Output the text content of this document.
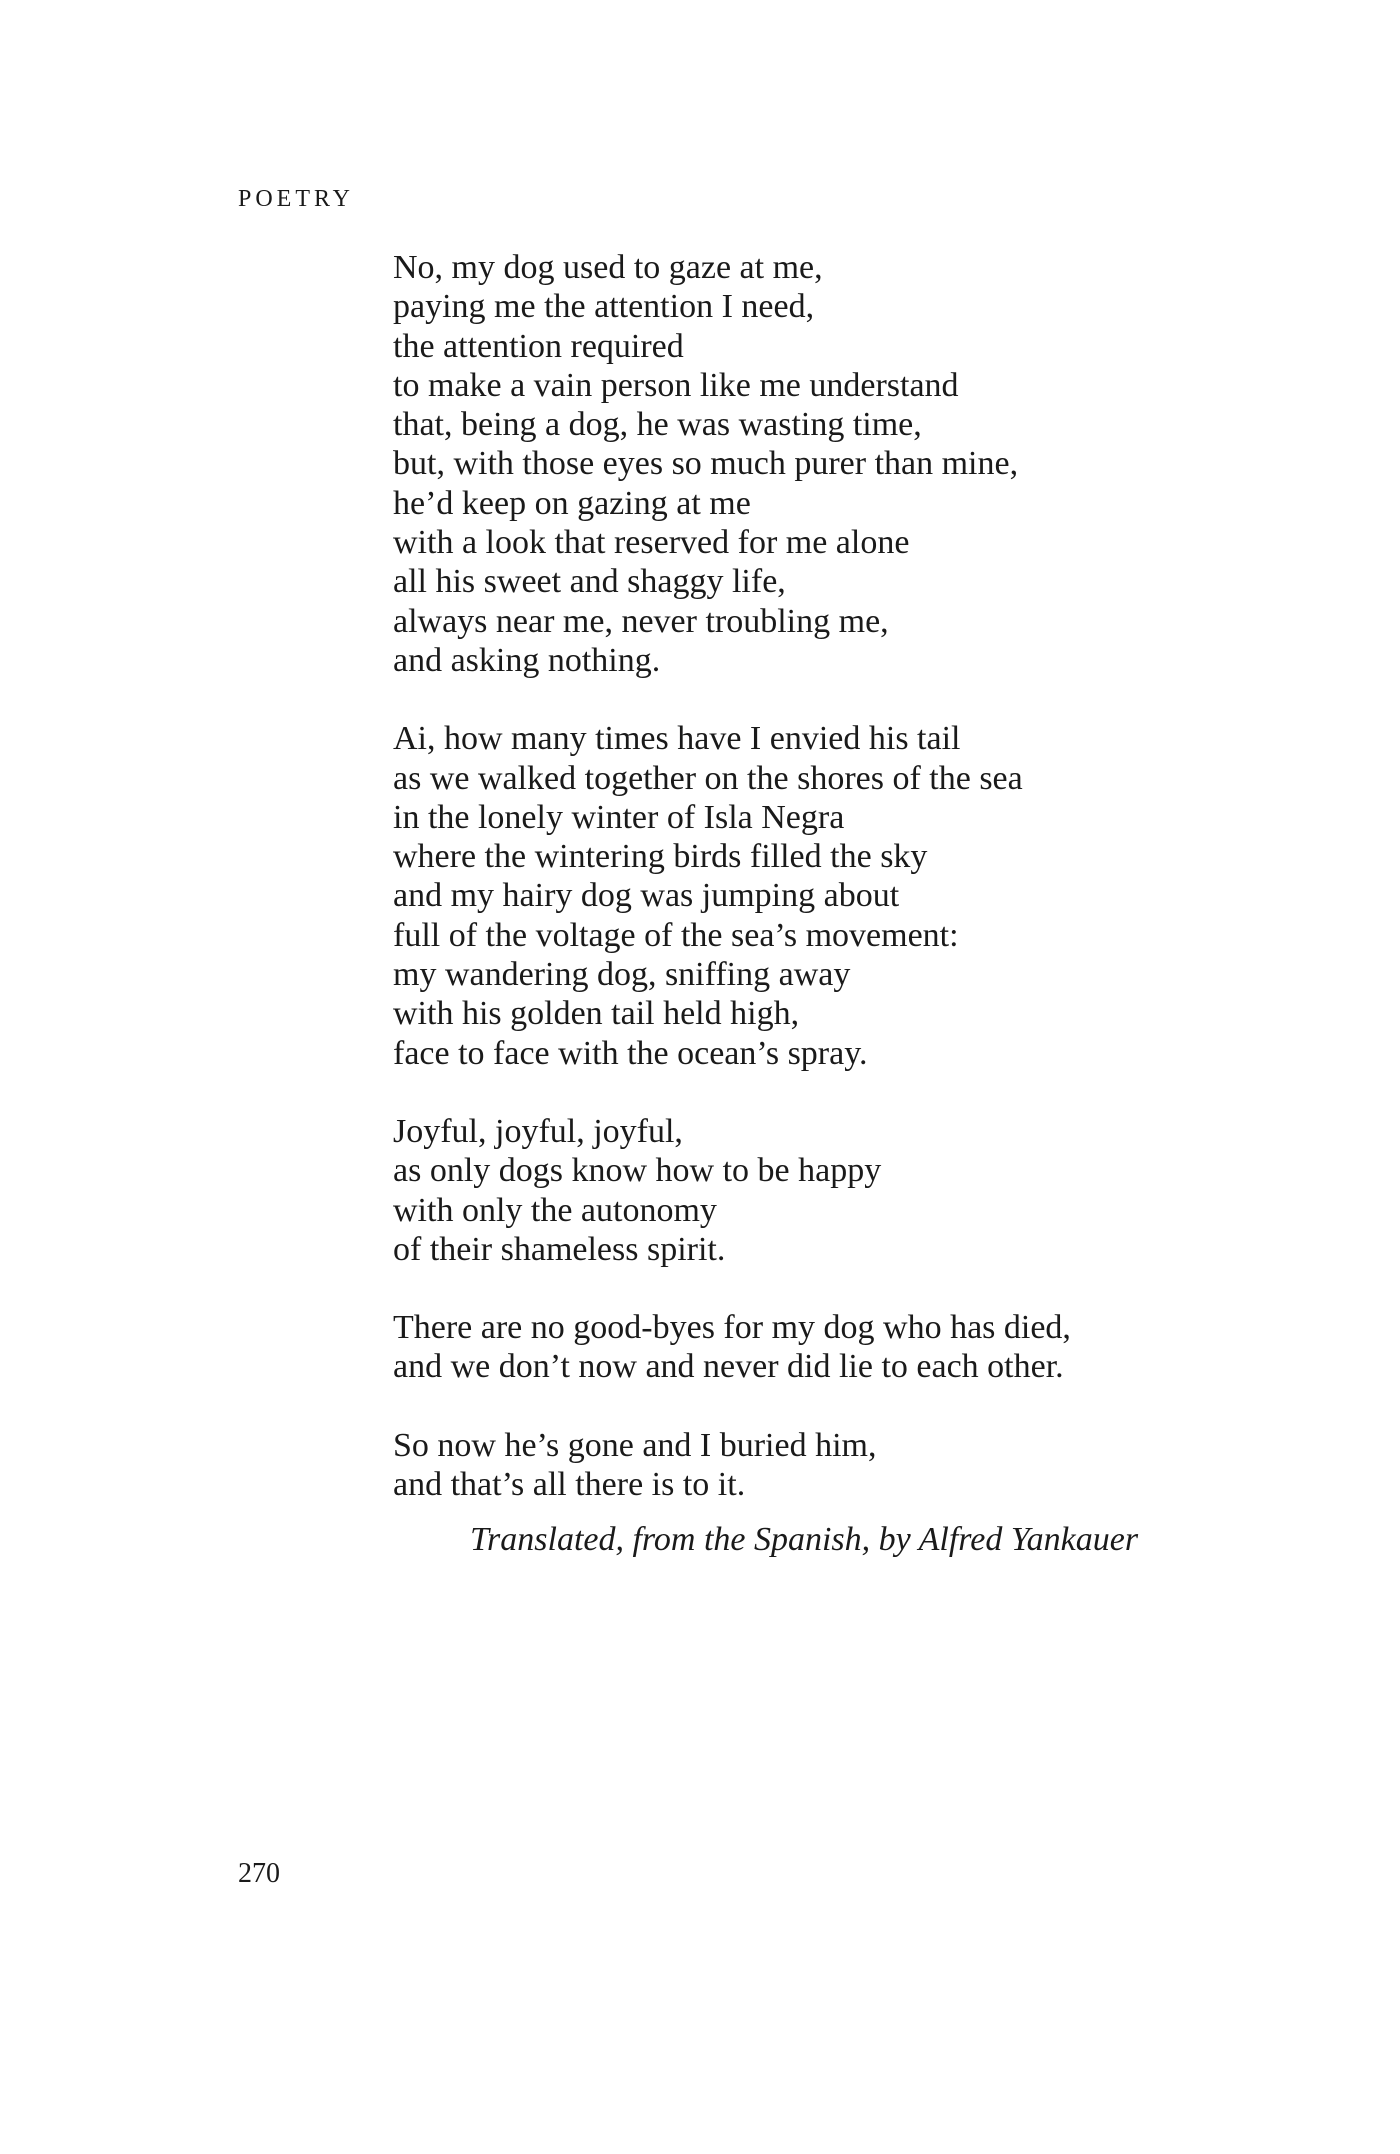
POETRY
No, my dog used to gaze at me,
paying me the attention I need,
the attention required
to make a vain person like me understand
that, being a dog, he was wasting time,
but, with those eyes so much purer than mine,
he’d keep on gazing at me
with a look that reserved for me alone
all his sweet and shaggy life,
always near me, never troubling me,
and asking nothing.
Ai, how many times have I envied his tail
as we walked together on the shores of the sea
in the lonely winter of Isla Negra
where the wintering birds filled the sky
and my hairy dog was jumping about
full of the voltage of the sea’s movement:
my wandering dog, sniffing away
with his golden tail held high,
face to face with the ocean’s spray.
Joyful, joyful, joyful,
as only dogs know how to be happy
with only the autonomy
of their shameless spirit.
There are no good-byes for my dog who has died,
and we don’t now and never did lie to each other.
So now he’s gone and I buried him,
and that’s all there is to it.
Translated, from the Spanish, by Alfred Yankauer
270
